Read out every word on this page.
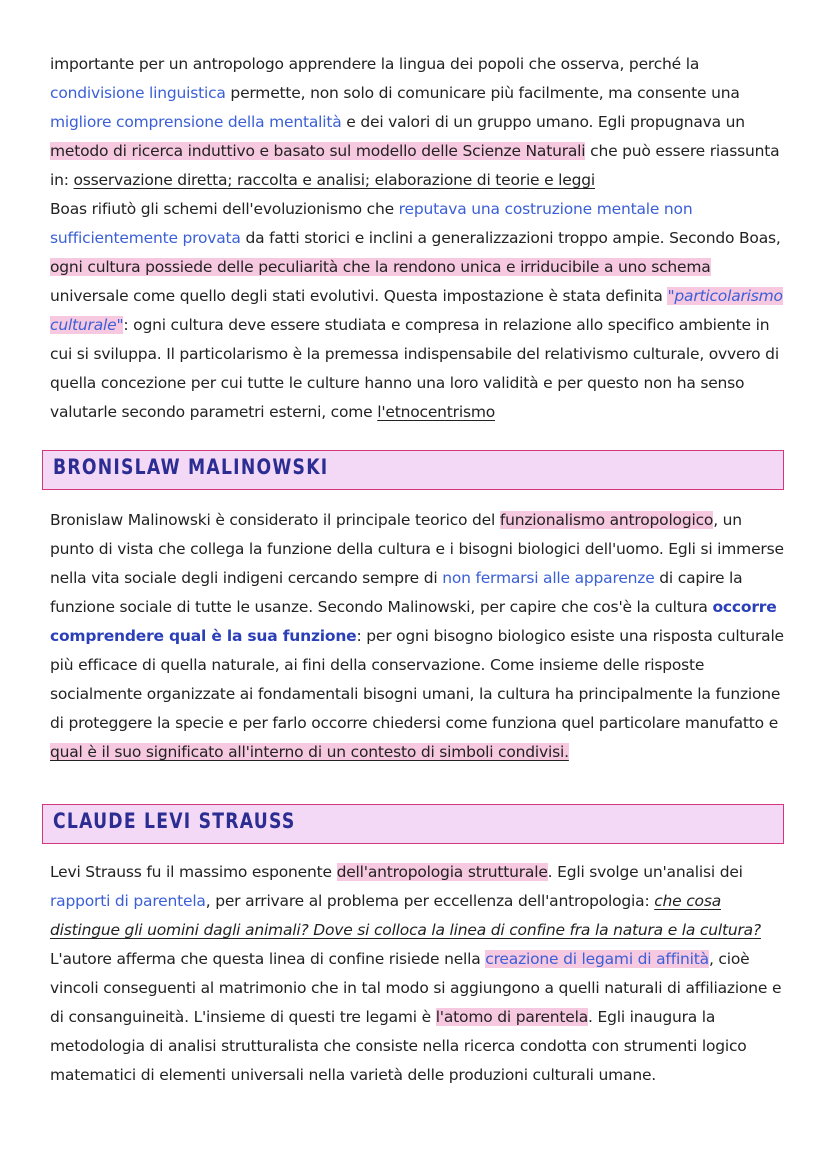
importante per un antropologo apprendere la lingua dei popoli che osserva, perché la condivisione linguistica permette, non solo di comunicare più facilmente, ma consente una migliore comprensione della mentalità e dei valori di un gruppo umano. Egli propugnava un metodo di ricerca induttivo e basato sul modello delle Scienze Naturali che può essere riassunta in: osservazione diretta; raccolta e analisi; elaborazione di teorie e leggi

Boas rifiutò gli schemi dell'evoluzionismo che reputava una costruzione mentale non sufficientemente provata da fatti storici e inclini a generalizzazioni troppo ampie. Secondo Boas, ogni cultura possiede delle peculiarità che la rendono unica e irriducibile a uno schema universale come quello degli stati evolutivi. Questa impostazione è stata definita "particolarismo culturale": ogni cultura deve essere studiata e compresa in relazione allo specifico ambiente in cui si sviluppa. Il particolarismo è la premessa indispensabile del relativismo culturale, ovvero di quella concezione per cui tutte le culture hanno una loro validità e per questo non ha senso valutarle secondo parametri esterni, come l'etnocentrismo

BRONISLAW MALINOWSKI

Bronislaw Malinowski è considerato il principale teorico del funzionalismo antropologico, un punto di vista che collega la funzione della cultura e i bisogni biologici dell'uomo. Egli si immerse nella vita sociale degli indigeni cercando sempre di non fermarsi alle apparenze di capire la funzione sociale di tutte le usanze. Secondo Malinowski, per capire che cos'è la cultura occorre comprendere qual è la sua funzione: per ogni bisogno biologico esiste una risposta culturale più efficace di quella naturale, ai fini della conservazione. Come insieme delle risposte socialmente organizzate ai fondamentali bisogni umani, la cultura ha principalmente la funzione di proteggere la specie e per farlo occorre chiedersi come funziona quel particolare manufatto e qual è il suo significato all'interno di un contesto di simboli condivisi.

CLAUDE LEVI STRAUSS

Levi Strauss fu il massimo esponente dell'antropologia strutturale. Egli svolge un'analisi dei rapporti di parentela, per arrivare al problema per eccellenza dell'antropologia: che cosa distingue gli uomini dagli animali? Dove si colloca la linea di confine fra la natura e la cultura? L'autore afferma che questa linea di confine risiede nella creazione di legami di affinità, cioè vincoli conseguenti al matrimonio che in tal modo si aggiungono a quelli naturali di affiliazione e di consanguineità. L'insieme di questi tre legami è l'atomo di parentela. Egli inaugura la metodologia di analisi strutturalista che consiste nella ricerca condotta con strumenti logico matematici di elementi universali nella varietà delle produzioni culturali umane.
